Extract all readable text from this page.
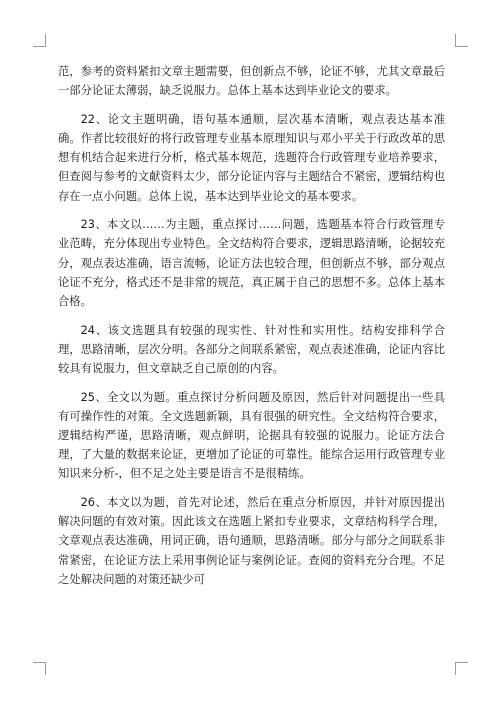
范，参考的资料紧扣文章主题需要，但创新点不够，论证不够，尤其文章最后一部分论证太薄弱，缺乏说服力。总体上基本达到毕业论文的要求。

22、论文主题明确，语句基本通顺，层次基本清晰，观点表达基本准确。作者比较很好的将行政管理专业基本原理知识与邓小平关于行政改革的思想有机结合起来进行分析，格式基本规范，选题符合行政管理专业培养要求，但查阅与参考的文献资料太少，部分论证内容与主题结合不紧密，逻辑结构也存在一点小问题。总体上说，基本达到毕业论文的基本要求。

23、本文以……为主题，重点探讨……问题，选题基本符合行政管理专业范畴，充分体现出专业特色。全文结构符合要求，逻辑思路清晰，论据较充分，观点表达准确，语言流畅，论证方法也较合理，但创新点不够，部分观点论证不充分，格式还不是非常的规范，真正属于自己的思想不多。总体上基本合格。

24、该文选题具有较强的现实性、针对性和实用性。结构安排科学合理，思路清晰，层次分明。各部分之间联系紧密，观点表述准确，论证内容比较具有说服力，但文章缺乏自己原创的内容。

25、全文以为题。重点探讨分析问题及原因，然后针对问题提出一些具有可操作性的对策。全文选题新颖，具有很强的研究性。全文结构符合要求，逻辑结构严谨，思路清晰，观点鲜明，论据具有较强的说服力。论证方法合理，了大量的数据来论证，更增加了论证的可靠性。能综合运用行政管理专业知识来分析-，但不足之处主要是语言不是很精练。

26、本文以为题，首先对论述，然后在重点分析原因，并针对原因提出解决问题的有效对策。因此该文在选题上紧扣专业要求，文章结构科学合理，文章观点表达准确，用词正确，语句通顺，思路清晰。部分与部分之间联系非常紧密，在论证方法上采用事例论证与案例论证。查阅的资料充分合理。不足之处解决问题的对策还缺少可
